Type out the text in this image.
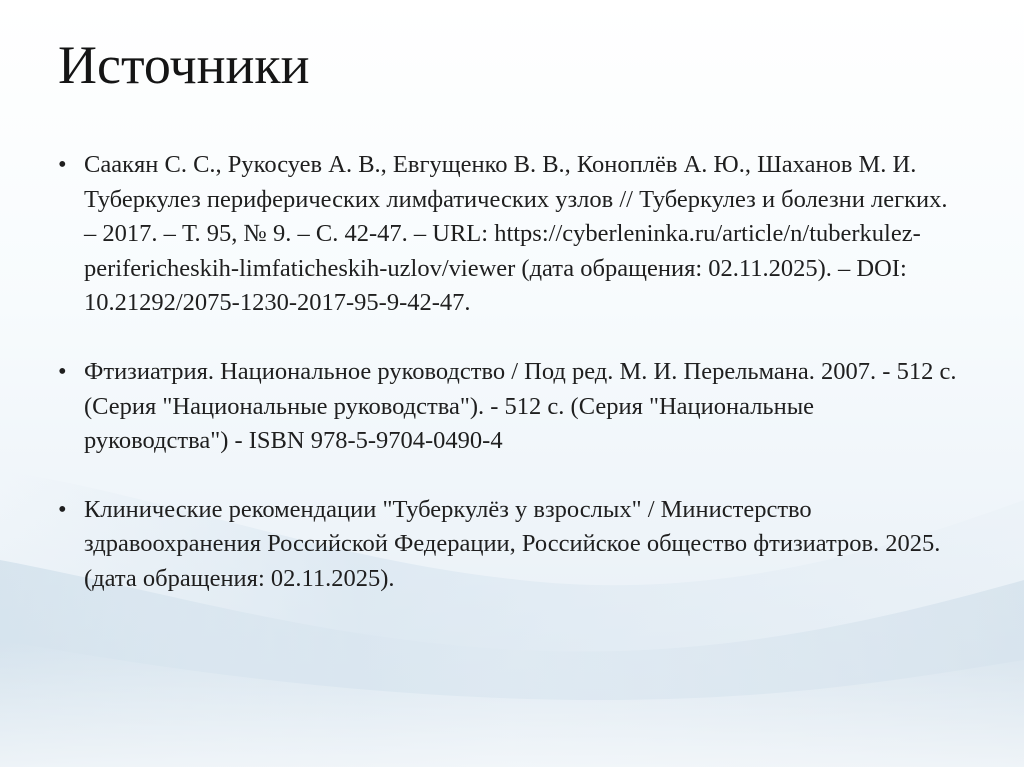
Источники
• Саакян С. С., Рукосуев А. В., Евгущенко В. В., Коноплёв А. Ю., Шаханов М. И. Туберкулез периферических лимфатических узлов // Туберкулез и болезни легких. – 2017. – Т. 95, № 9. – С. 42-47. – URL: https://cyberleninka.ru/article/n/tuberkulez-perifericheskih-limfaticheskih-uzlov/viewer (дата обращения: 02.11.2025). – DOI: 10.21292/2075-1230-2017-95-9-42-47.
• Фтизиатрия. Национальное руководство / Под ред. М. И. Перельмана. 2007. - 512 с. (Серия "Национальные руководства"). - 512 с. (Серия "Национальные руководства") - ISBN 978-5-9704-0490-4
• Клинические рекомендации "Туберкулёз у взрослых" / Министерство здравоохранения Российской Федерации, Российское общество фтизиатров. 2025. (дата обращения: 02.11.2025).
